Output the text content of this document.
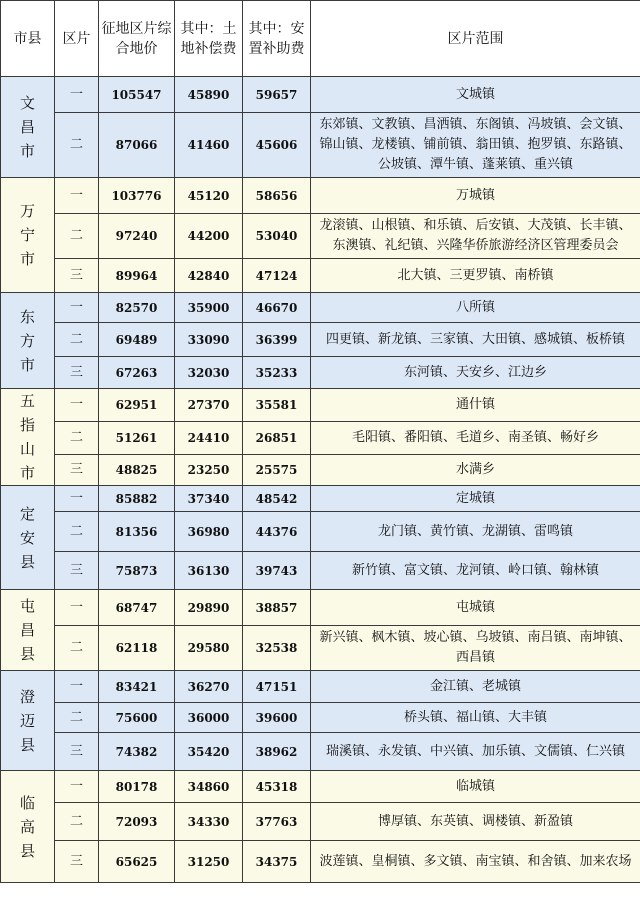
市县	区片	征地区片综合地价	其中：土地补偿费	其中：安置补助费	区片范围

文
昌
市	一	105547	45890	59657	文城镇
	二	87066	41460	45606	东郊镇、文教镇、昌洒镇、东阁镇、冯坡镇、会文镇、锦山镇、龙楼镇、铺前镇、翁田镇、抱罗镇、东路镇、公坡镇、潭牛镇、蓬莱镇、重兴镇

万
宁
市	一	103776	45120	58656	万城镇
	二	97240	44200	53040	龙滚镇、山根镇、和乐镇、后安镇、大茂镇、长丰镇、东澳镇、礼纪镇、兴隆华侨旅游经济区管理委员会
	三	89964	42840	47124	北大镇、三更罗镇、南桥镇

东
方
市	一	82570	35900	46670	八所镇
	二	69489	33090	36399	四更镇、新龙镇、三家镇、大田镇、感城镇、板桥镇
	三	67263	32030	35233	东河镇、天安乡、江边乡

五
指
山
市	一	62951	27370	35581	通什镇
	二	51261	24410	26851	毛阳镇、番阳镇、毛道乡、南圣镇、畅好乡
	三	48825	23250	25575	水满乡

定
安
县	一	85882	37340	48542	定城镇
	二	81356	36980	44376	龙门镇、黄竹镇、龙湖镇、雷鸣镇
	三	75873	36130	39743	新竹镇、富文镇、龙河镇、岭口镇、翰林镇

屯
昌
县	一	68747	29890	38857	屯城镇
	二	62118	29580	32538	新兴镇、枫木镇、坡心镇、乌坡镇、南吕镇、南坤镇、西昌镇

澄
迈
县	一	83421	36270	47151	金江镇、老城镇
	二	75600	36000	39600	桥头镇、福山镇、大丰镇
	三	74382	35420	38962	瑞溪镇、永发镇、中兴镇、加乐镇、文儒镇、仁兴镇

临
高
县	一	80178	34860	45318	临城镇
	二	72093	34330	37763	博厚镇、东英镇、调楼镇、新盈镇
	三	65625	31250	34375	波莲镇、皇桐镇、多文镇、南宝镇、和舍镇、加来农场
